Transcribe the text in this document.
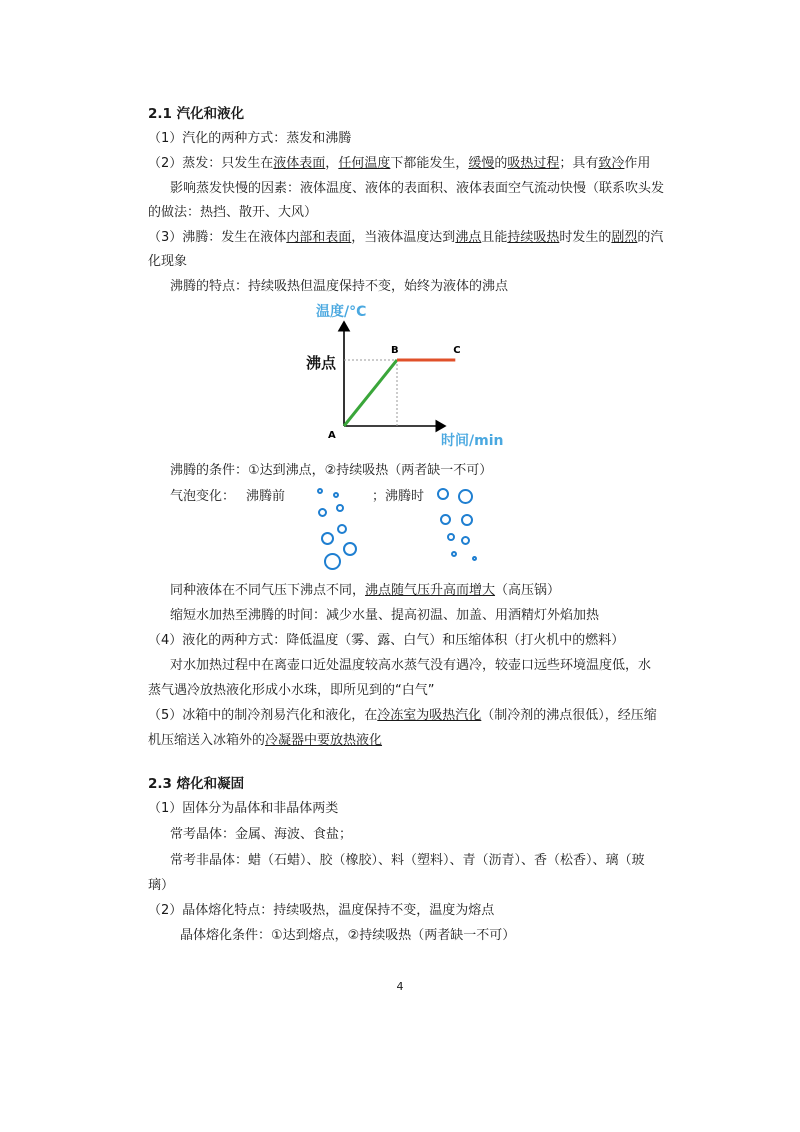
2.1 汽化和液化
（1）汽化的两种方式：蒸发和沸腾
（2）蒸发：只发生在液体表面，任何温度下都能发生，缓慢的吸热过程；具有致冷作用
影响蒸发快慢的因素：液体温度、液体的表面积、液体表面空气流动快慢（联系吹头发
的做法：热挡、散开、大风）
（3）沸腾：发生在液体内部和表面，当液体温度达到沸点且能持续吸热时发生的剧烈的汽
化现象
沸腾的特点：持续吸热但温度保持不变，始终为液体的沸点
温度/°C
时间/min
沸点
A
B	C
沸腾的条件：①达到沸点，②持续吸热（两者缺一不可）
气泡变化： 沸腾前	；沸腾时
同种液体在不同气压下沸点不同，沸点随气压升高而增大（高压锅）
缩短水加热至沸腾的时间：减少水量、提高初温、加盖、用酒精灯外焰加热
（4）液化的两种方式：降低温度（雾、露、白气）和压缩体积（打火机中的燃料）
对水加热过程中在离壶口近处温度较高水蒸气没有遇冷，较壶口远些环境温度低，水
蒸气遇冷放热液化形成小水珠，即所见到的“白气”
（5）冰箱中的制冷剂易汽化和液化，在冷冻室为吸热汽化（制冷剂的沸点很低），经压缩
机压缩送入冰箱外的冷凝器中要放热液化
2.3 熔化和凝固
（1）固体分为晶体和非晶体两类
常考晶体：金属、海波、食盐；
常考非晶体：蜡（石蜡）、胶（橡胶）、料（塑料）、青（沥青）、香（松香）、璃（玻
璃）
（2）晶体熔化特点：持续吸热，温度保持不变，温度为熔点
晶体熔化条件：①达到熔点，②持续吸热（两者缺一不可）
4
